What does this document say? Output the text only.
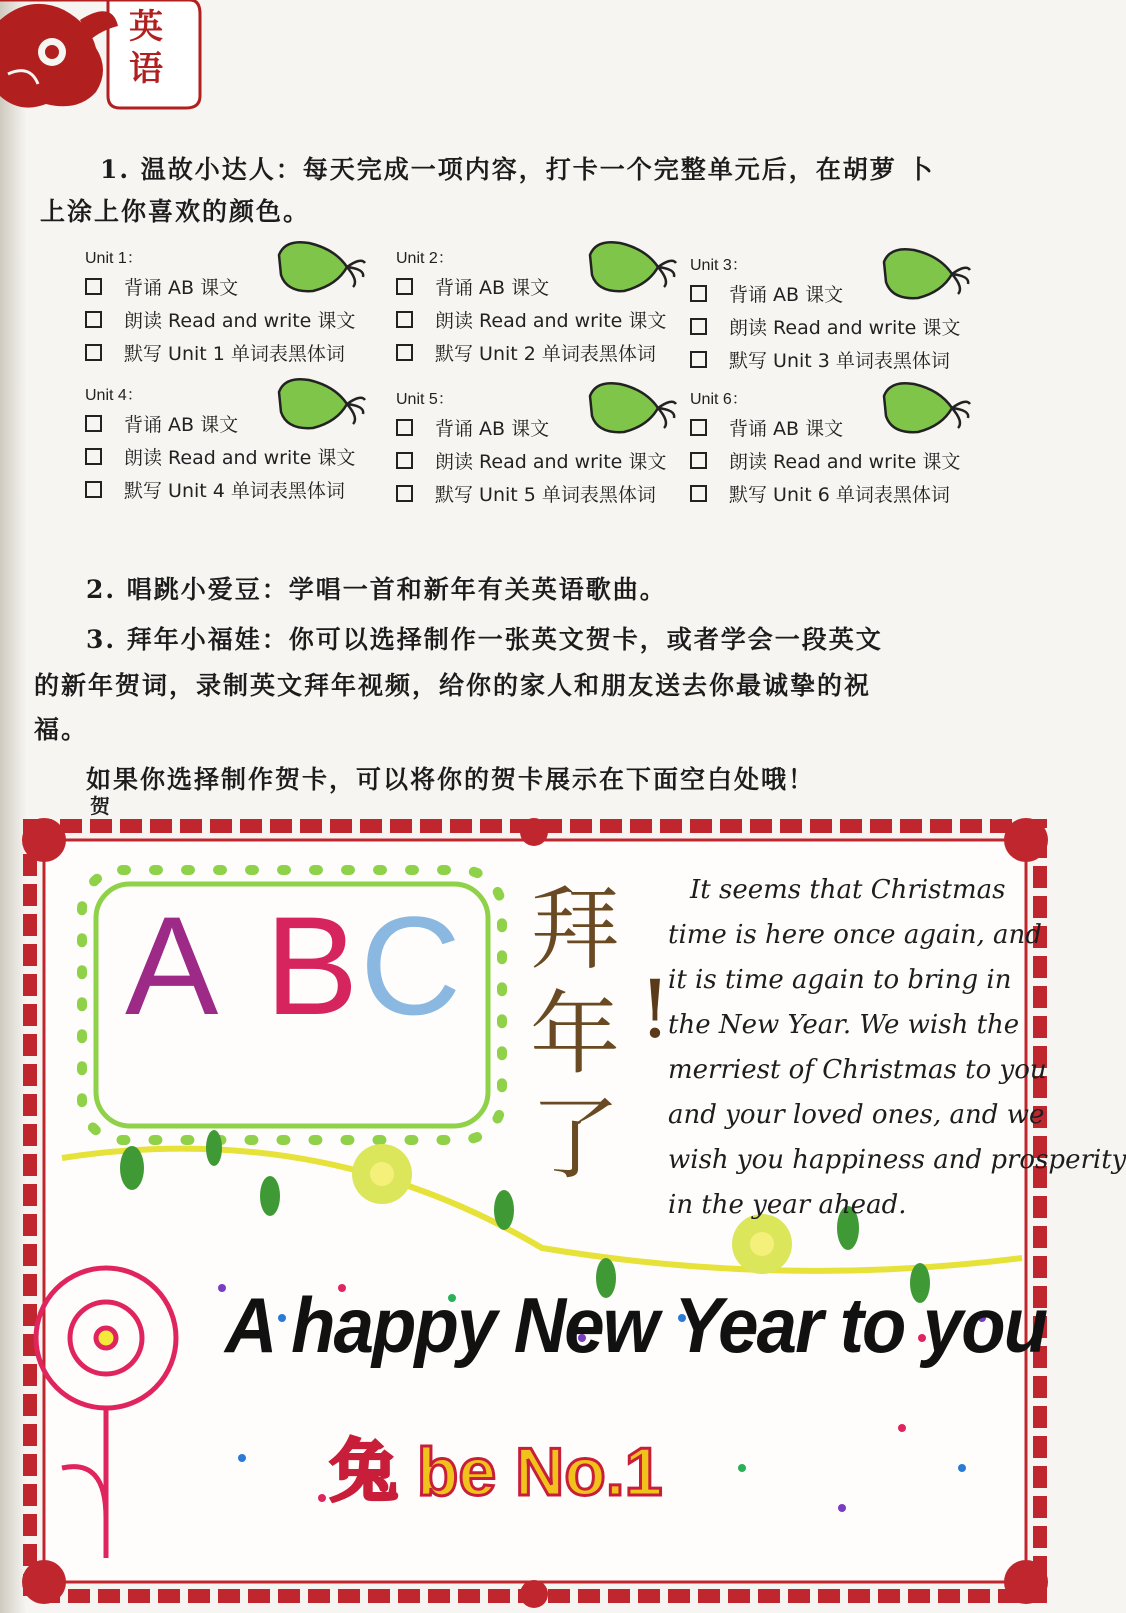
英语
1. 温故小达人：每天完成一项内容，打卡一个完整单元后，在胡萝 卜
上涂上你喜欢的颜色。
Unit 1：
背诵 AB 课文
朗读 Read and write 课文
默写 Unit 1 单词表黑体词
Unit 2：
背诵 AB 课文
朗读 Read and write 课文
默写 Unit 2 单词表黑体词
Unit 3：
背诵 AB 课文
朗读 Read and write 课文
默写 Unit 3 单词表黑体词
Unit 4：
背诵 AB 课文
朗读 Read and write 课文
默写 Unit 4 单词表黑体词
Unit 5：
背诵 AB 课文
朗读 Read and write 课文
默写 Unit 5 单词表黑体词
Unit 6：
背诵 AB 课文
朗读 Read and write 课文
默写 Unit 6 单词表黑体词
2. 唱跳小爱豆：学唱一首和新年有关英语歌曲。
3. 拜年小福娃：你可以选择制作一张英文贺卡，或者学会一段英文
的新年贺词，录制英文拜年视频，给你的家人和朋友送去你最诚挚的祝
福。
如果你选择制作贺卡，可以将你的贺卡展示在下面空白处哦！
贺
A B C 拜
年
了
!
It seems that Christmas
time is here once again, and
it is time again to bring in
the New Year. We wish the
merriest of Christmas to you
and your loved ones, and we
wish you happiness and prosperity
in the year ahead.
A happy New Year to you
兔 be No.1
